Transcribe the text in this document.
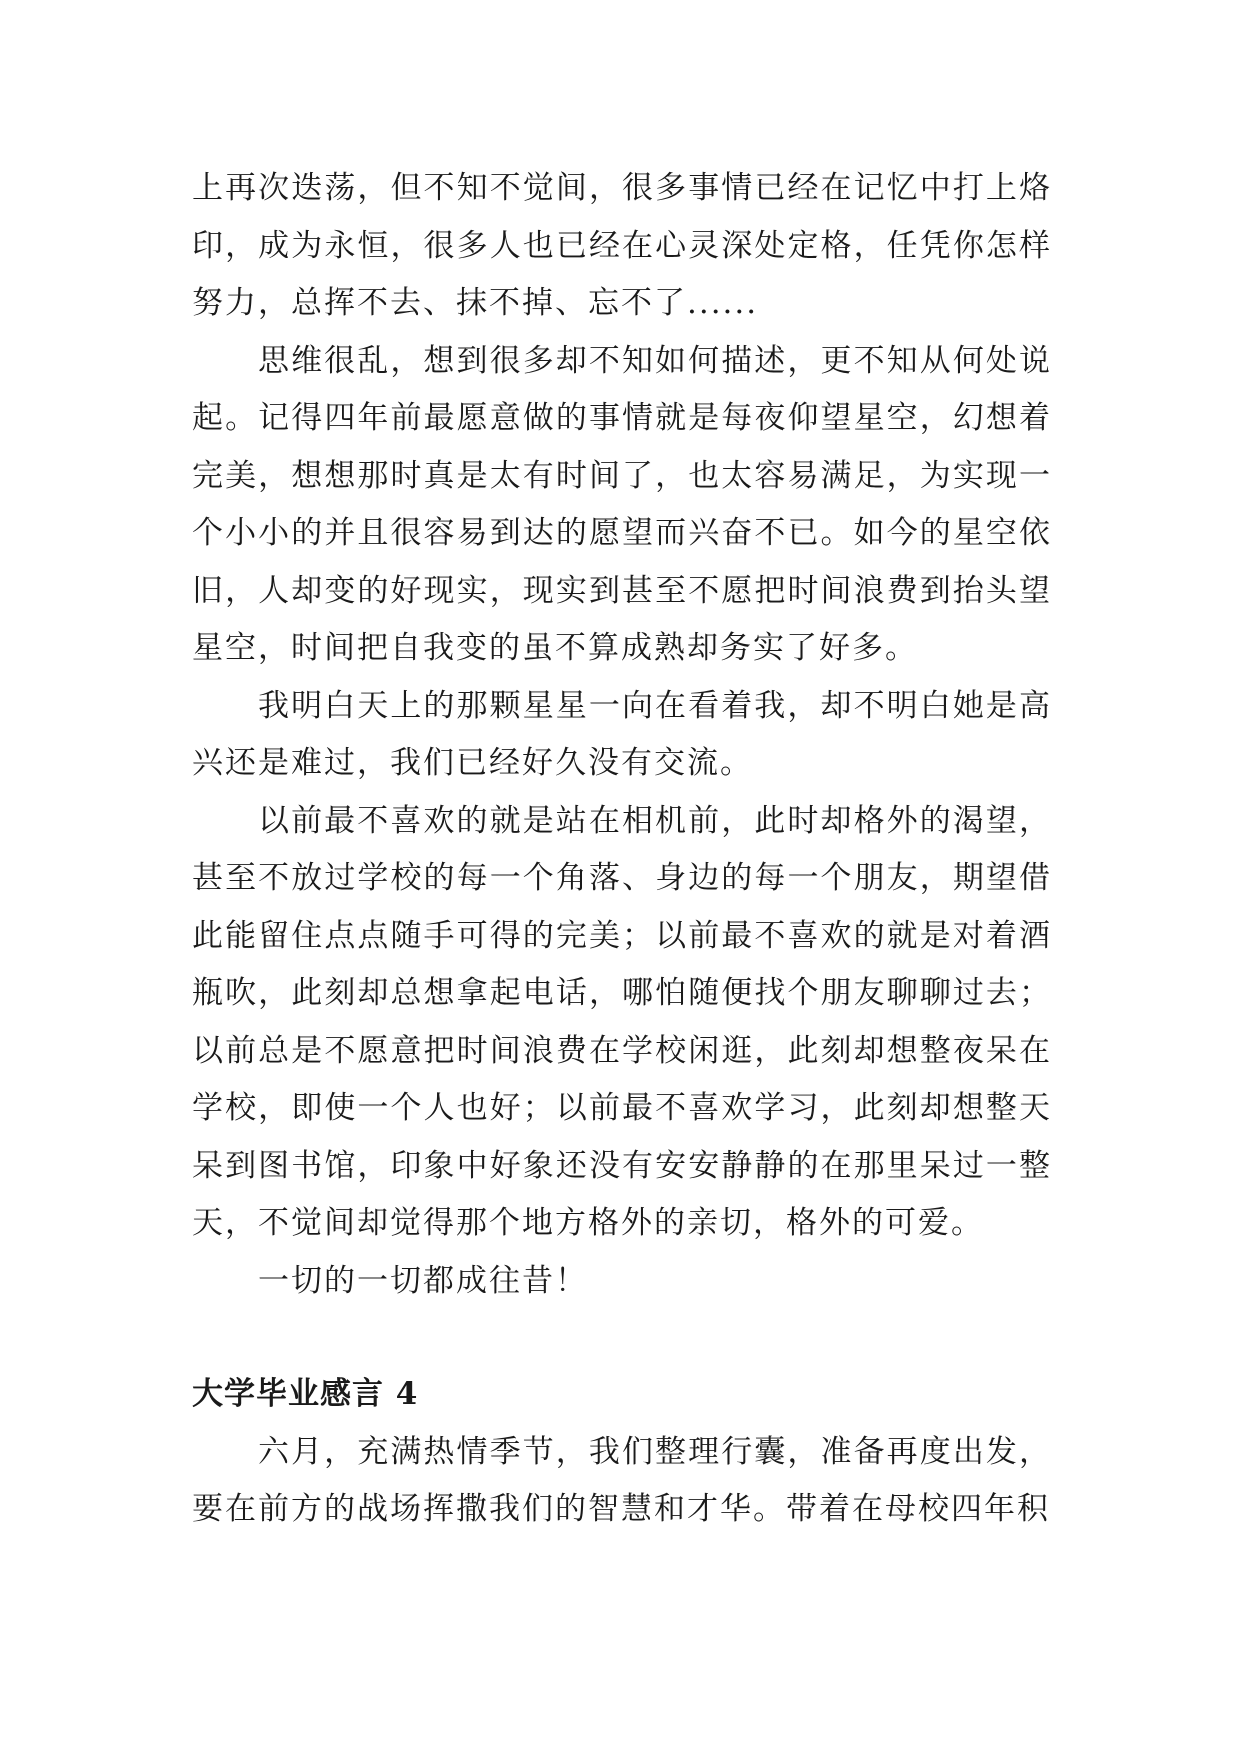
上再次迭荡，但不知不觉间，很多事情已经在记忆中打上烙印，成为永恒，很多人也已经在心灵深处定格，任凭你怎样努力，总挥不去、抹不掉、忘不了......

思维很乱，想到很多却不知如何描述，更不知从何处说起。记得四年前最愿意做的事情就是每夜仰望星空，幻想着完美，想想那时真是太有时间了，也太容易满足，为实现一个小小的并且很容易到达的愿望而兴奋不已。如今的星空依旧，人却变的好现实，现实到甚至不愿把时间浪费到抬头望星空，时间把自我变的虽不算成熟却务实了好多。

我明白天上的那颗星星一向在看着我，却不明白她是高兴还是难过，我们已经好久没有交流。

以前最不喜欢的就是站在相机前，此时却格外的渴望，甚至不放过学校的每一个角落、身边的每一个朋友，期望借此能留住点点随手可得的完美；以前最不喜欢的就是对着酒瓶吹，此刻却总想拿起电话，哪怕随便找个朋友聊聊过去；以前总是不愿意把时间浪费在学校闲逛，此刻却想整夜呆在学校，即使一个人也好；以前最不喜欢学习，此刻却想整天呆到图书馆，印象中好象还没有安安静静的在那里呆过一整天，不觉间却觉得那个地方格外的亲切，格外的可爱。

一切的一切都成往昔！

大学毕业感言 4

六月，充满热情季节，我们整理行囊，准备再度出发，要在前方的战场挥撒我们的智慧和才华。带着在母校四年积
